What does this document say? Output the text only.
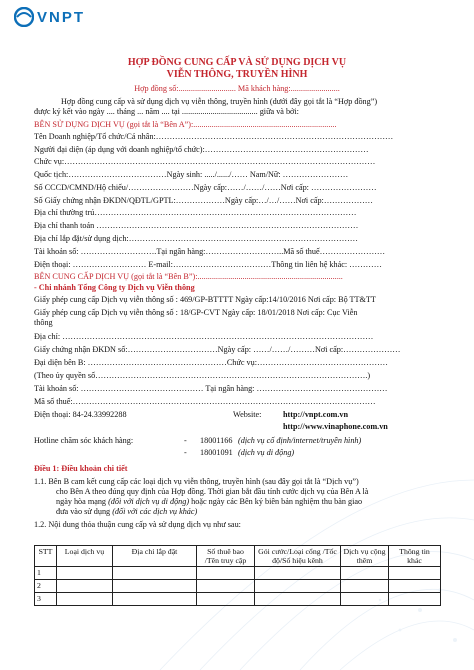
VNPT
HỢP ĐỒNG CUNG CẤP VÀ SỬ DỤNG DỊCH VỤ
VIỄN THÔNG, TRUYỀN HÌNH
Hợp đồng số:............................ Mã khách hàng:........................
Hợp đồng cung cấp và sử dụng dịch vụ viễn thông, truyền hình (dưới đây gọi tắt là “Hợp đồng”)
được ký kết vào ngày .... tháng ... năm .... tại ..................................... giữa và bởi:
BÊN SỬ DỤNG DỊCH VỤ (gọi tắt là “Bên A”):......................................................................
Tên Doanh nghiệp/Tổ chức/Cá nhân:……………………………………………………………………………
Người đại diện (áp dụng với doanh nghiệp/tổ chức):……………………………………………………
Chức vụ:……………………………………………………………………………………………………
Quốc tịch:………………………………Ngày sinh: ...../....../…… Nam/Nữ: ……………………
Số CCCD/CMND/Hộ chiếu/……………………Ngày cấp:……/……/……Nơi cấp: ……………………
Số Giấy chứng nhận ĐKDN/QĐTL/GPTL:………………Ngày cấp:…/…/……Nơi cấp:………………
Địa chỉ thường trú……………………………………………………………………………………
Địa chỉ thanh toán ……………………………………………………………………………………
Địa chỉ lắp đặt/sử dụng dịch:…………………………………………………………………………
Tài khoản số: ……………………….Tại ngân hàng:………………………..Mã số thuế……………………
Điện thoại: ……………………… E-mail:………………………………Thông tin liên hệ khác: …………
BÊN CUNG CẤP DỊCH VỤ (gọi tắt là “Bên B”):.......................................................................
- Chi nhánh Tổng Công ty Dịch vụ Viễn thông
Giấy phép cung cấp Dịch vụ viễn thông số : 469/GP-BTTTT Ngày cấp:14/10/2016 Nơi cấp: Bộ TT&TT
Giấy phép cung cấp Dịch vụ viễn thông số : 18/GP-CVT Ngày cấp: 18/01/2018 Nơi cấp: Cục Viễn
thông
Địa chỉ: ……………………………………………………………………………………………………
Giấy chứng nhận ĐKDN số:……………………………Ngày cấp: ……/……/………Nơi cấp:…………………
Đại diện bên B: ……………………………………………Chức vụ:…………………………………………
(Theo ủy quyền số……………………………………………………………………………………….)
Tài khoản số: ……………………………………… Tại ngân hàng: …………………………………………
Mã số thuế:…………………………………………………………………………………………………
Điện thoại: 84-24.33992288	Website:	http://vnpt.com.vn
http://www.vinaphone.com.vn
Hotline chăm sóc khách hàng:	- 18001166 (dịch vụ cố định/internet/truyền hình)
- 18001091 (dịch vụ di động)
Điều 1: Điều khoản chi tiết
1.1. Bên B cam kết cung cấp các loại dịch vụ viễn thông, truyền hình (sau đây gọi tắt là “Dịch vụ”)
cho Bên A theo đúng quy định của Hợp đồng. Thời gian bắt đầu tính cước dịch vụ của Bên A là
ngày hòa mạng (đối với dịch vụ di động) hoặc ngày các Bên ký biên bản nghiệm thu bàn giao
đưa vào sử dụng (đối với các dịch vụ khác)
1.2. Nội dung thỏa thuận cung cấp và sử dụng dịch vụ như sau:
STT	Loại dịch vụ	Địa chỉ lắp đặt	Số thuê bao /Tên truy cập	Gói cước/Loại cổng /Tốc độ/Số hiệu kênh	Dịch vụ cộng thêm	Thông tin khác
1						
2						
3						
